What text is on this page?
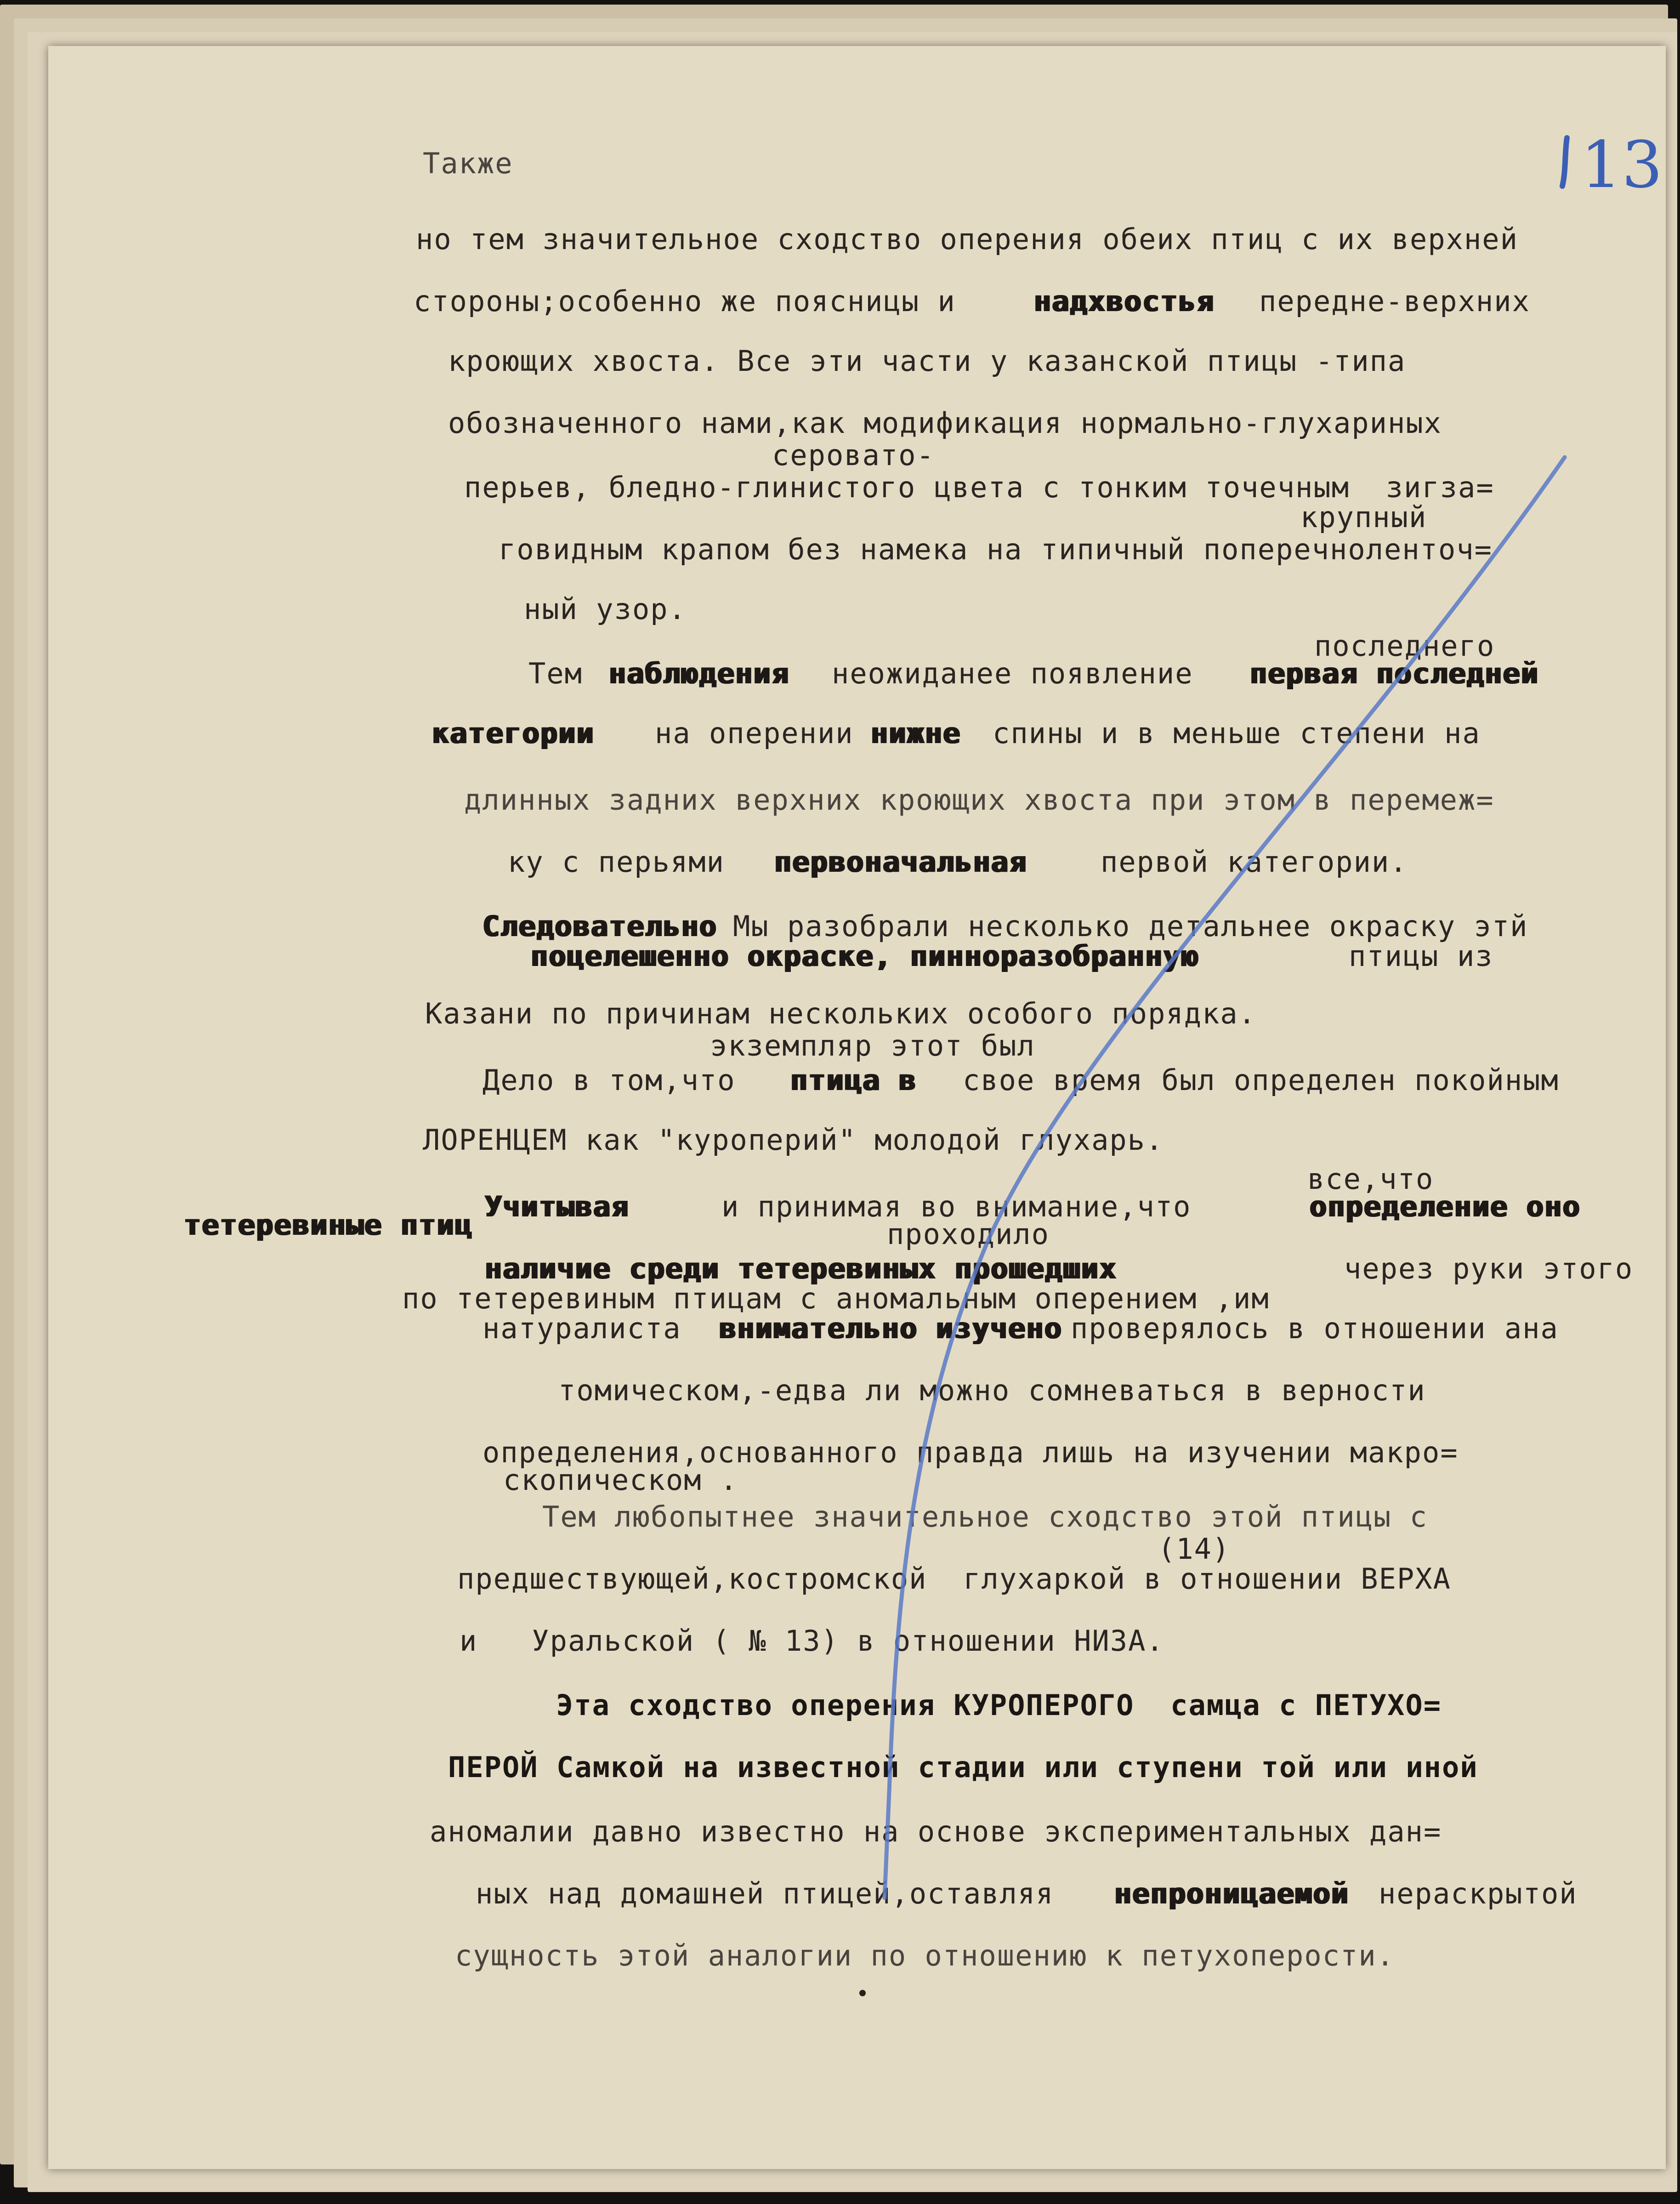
13
Также
но тем значительное сходство оперения обеих птиц с их верхней
стороны;особенно же поясницы и	надхвостья передне-верхних
кроющих хвоста. Все эти части у казанской птицы -типа
обозначенного нами,как модификация нормально-глухариных
серовато-
перьев, бледно-глинистого цвета с тонким точечным  зигза=
крупный
говидным крапом без намека на типичный поперечноленточ=
ный узор.
последнего
Тем наблюдения неожиданее появление первая последней
категории на оперении нижне спины и в меньше степени на
длинных задних верхних кроющих хвоста при этом в перемеж=
ку с перьями первоначальная	первой категории.
Следовательно Мы разобрали несколько детальнее окраску этй
поцелешенно окраске, пинноразобранную	птицы из
Казани по причинам нескольких особого порядка.
экземпляр этот был
Дело в том,что птица в свое время был определен покойным
ЛОРЕНЦЕМ как "куроперий" молодой глухарь.
все,что
Учитывая	и принимая во внимание,что	определение оно
тетеревиные птиц	проходило
наличие среди тетеревиных прошедших	через руки этого
по тетеревиным птицам с аномальным оперением ,им
натуралиста внимательно изучено проверялось в отношении ана
томическом,-едва ли можно сомневаться в верности
определения,основанного правда лишь на изучении макро=
скопическом .
Тем любопытнее значительное сходство этой птицы с
(14)
предшествующей,костромской  глухаркой в отношении ВЕРХА
и   Уральской ( № 13) в отношении НИЗА.
Эта сходство оперения КУРОПЕРОГО  самца с ПЕТУХО=
ПЕРОЙ Самкой на известной стадии или ступени той или иной
аномалии давно известно на основе экспериментальных дан=
ных над домашней птицей,оставляя непроницаемой нераскрытой
сущность этой аналогии по отношению к петухоперости.
